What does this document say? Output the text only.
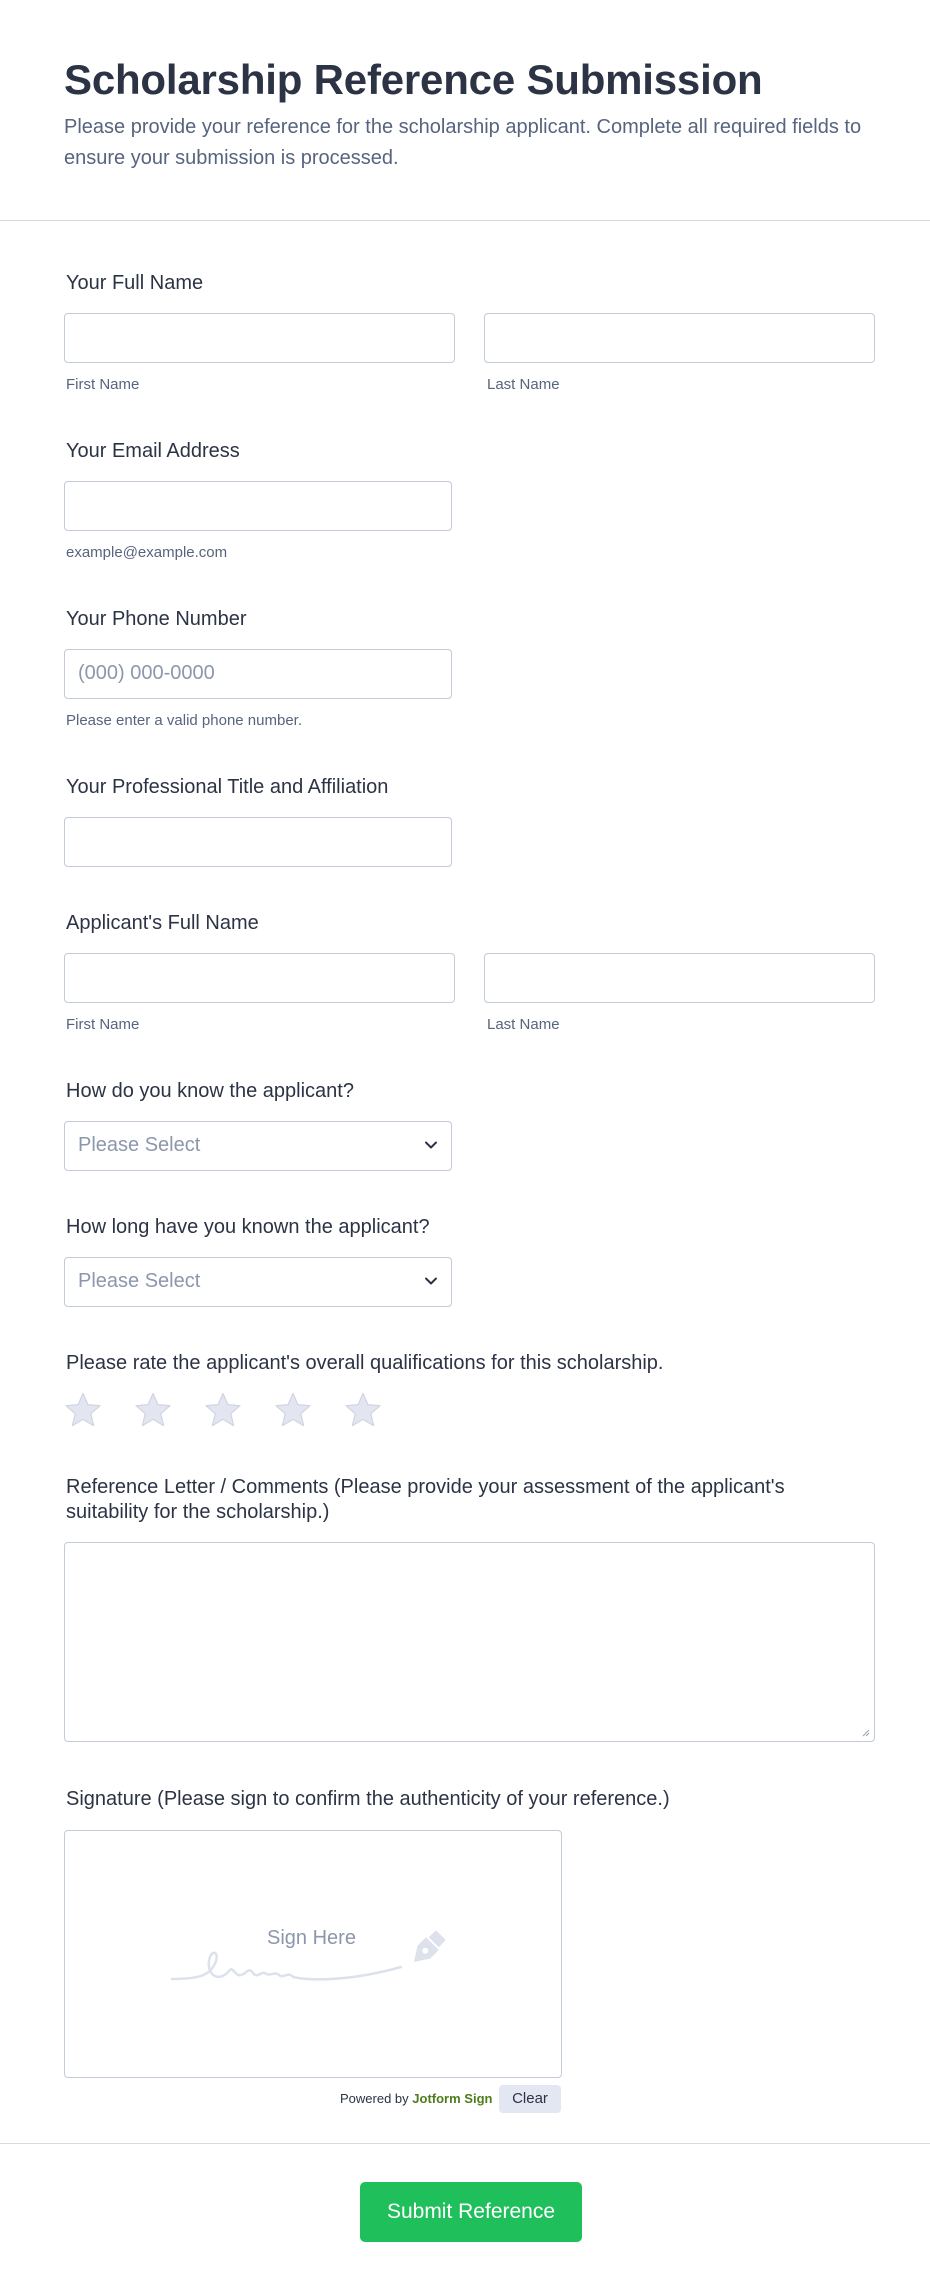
Scholarship Reference Submission

Please provide your reference for the scholarship applicant. Complete all required fields to ensure your submission is processed.

Your Full Name
First Name	Last Name
Your Email Address
example@example.com
Your Phone Number
(000) 000-0000
Please enter a valid phone number.
Your Professional Title and Affiliation
Applicant's Full Name
First Name	Last Name
How do you know the applicant?
Please Select
How long have you known the applicant?
Please Select
Please rate the applicant's overall qualifications for this scholarship.
Reference Letter / Comments (Please provide your assessment of the applicant's suitability for the scholarship.)
Signature (Please sign to confirm the authenticity of your reference.)
Sign Here
Powered by Jotform Sign	Clear
Submit Reference
